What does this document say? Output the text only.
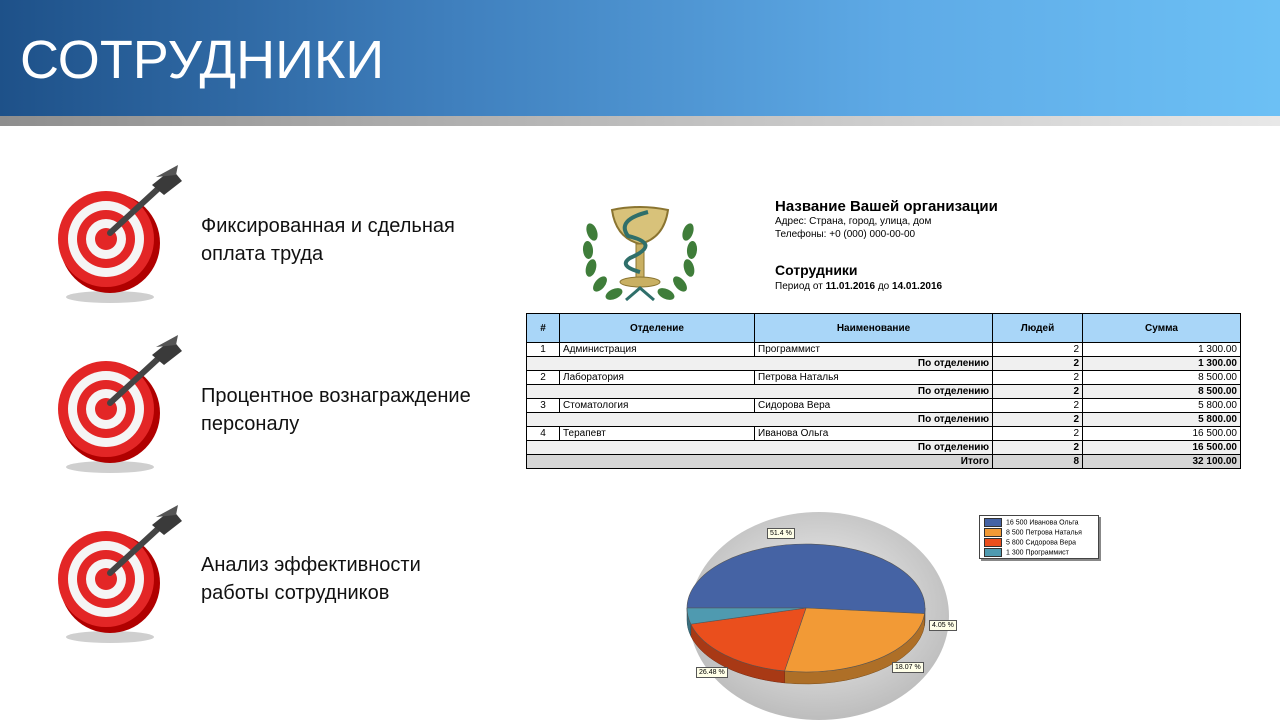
СОТРУДНИКИ
Фиксированная и сдельная
оплата труда
Процентное вознаграждение
персоналу
Анализ эффективности
работы сотрудников
Название Вашей организации
Адрес: Страна, город, улица, дом
Телефоны: +0 (000) 000-00-00
Сотрудники
Период от 11.01.2016 до 14.01.2016
#	Отделение	Наименование	Людей	Сумма
1	Администрация	Программист	2	1 300.00
По отделению			2	1 300.00
2	Лаборатория	Петрова Наталья	2	8 500.00
По отделению			2	8 500.00
3	Стоматология	Сидорова Вера	2	5 800.00
По отделению			2	5 800.00
4	Терапевт	Иванова Ольга	2	16 500.00
По отделению			2	16 500.00
Итого			8	32 100.00
16 500 Иванова Ольга
8 500 Петрова Наталья
5 800 Сидорова Вера
1 300 Программист
51.4 %
26.48 %
18.07 %
4.05 %
